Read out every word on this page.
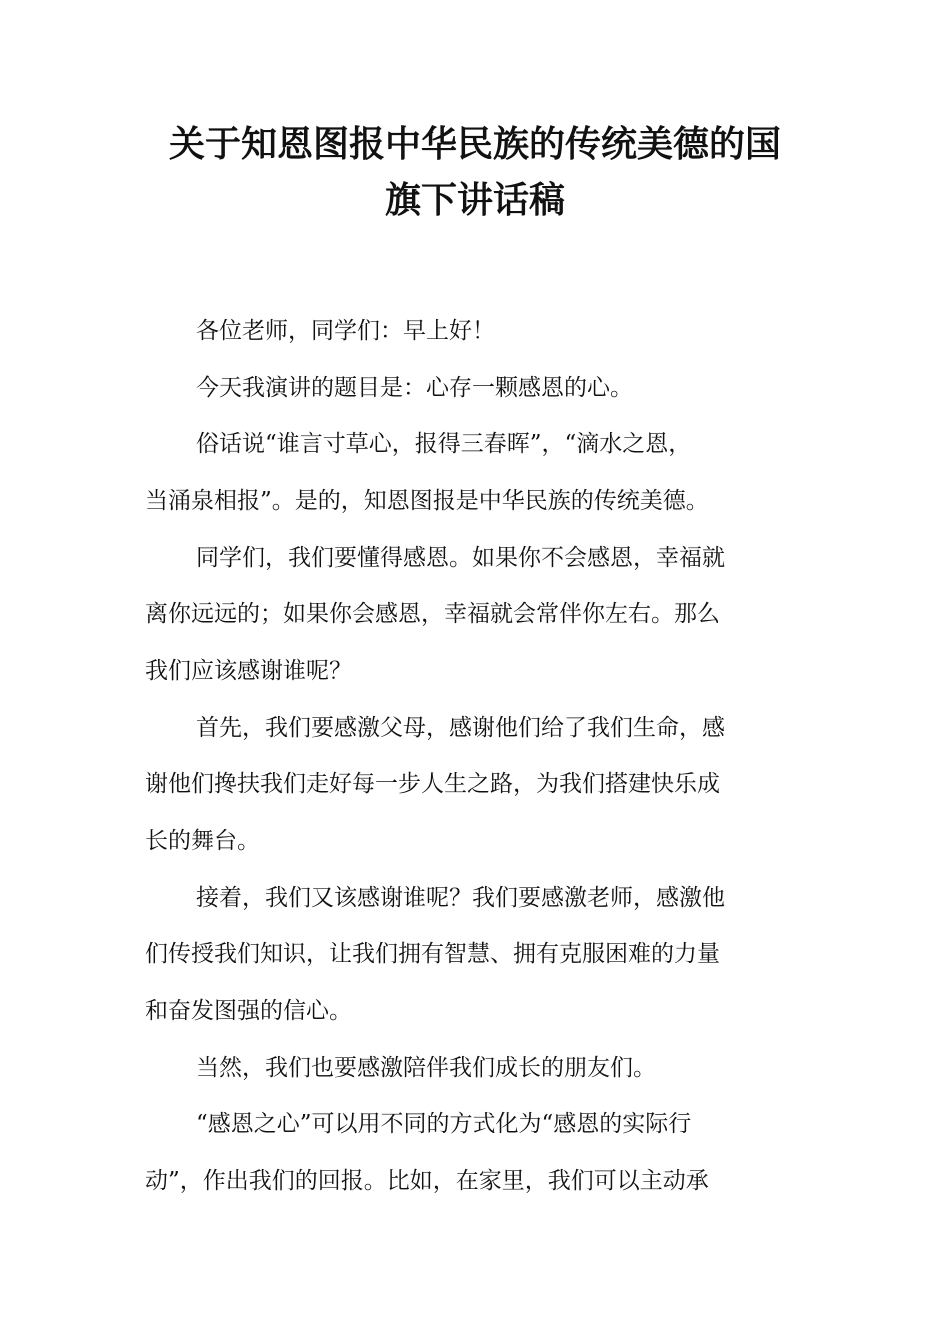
关于知恩图报中华民族的传统美德的国
旗下讲话稿
各位老师，同学们：早上好！
今天我演讲的题目是：心存一颗感恩的心。
俗话说“谁言寸草心，报得三春晖”，“滴水之恩，
当涌泉相报”。是的，知恩图报是中华民族的传统美德。
同学们，我们要懂得感恩。如果你不会感恩，幸福就
离你远远的；如果你会感恩，幸福就会常伴你左右。那么
我们应该感谢谁呢？
首先，我们要感激父母，感谢他们给了我们生命，感
谢他们搀扶我们走好每一步人生之路，为我们搭建快乐成
长的舞台。
接着，我们又该感谢谁呢？我们要感激老师，感激他
们传授我们知识，让我们拥有智慧、拥有克服困难的力量
和奋发图强的信心。
当然，我们也要感激陪伴我们成长的朋友们。
“感恩之心”可以用不同的方式化为“感恩的实际行
动”，作出我们的回报。比如，在家里，我们可以主动承
